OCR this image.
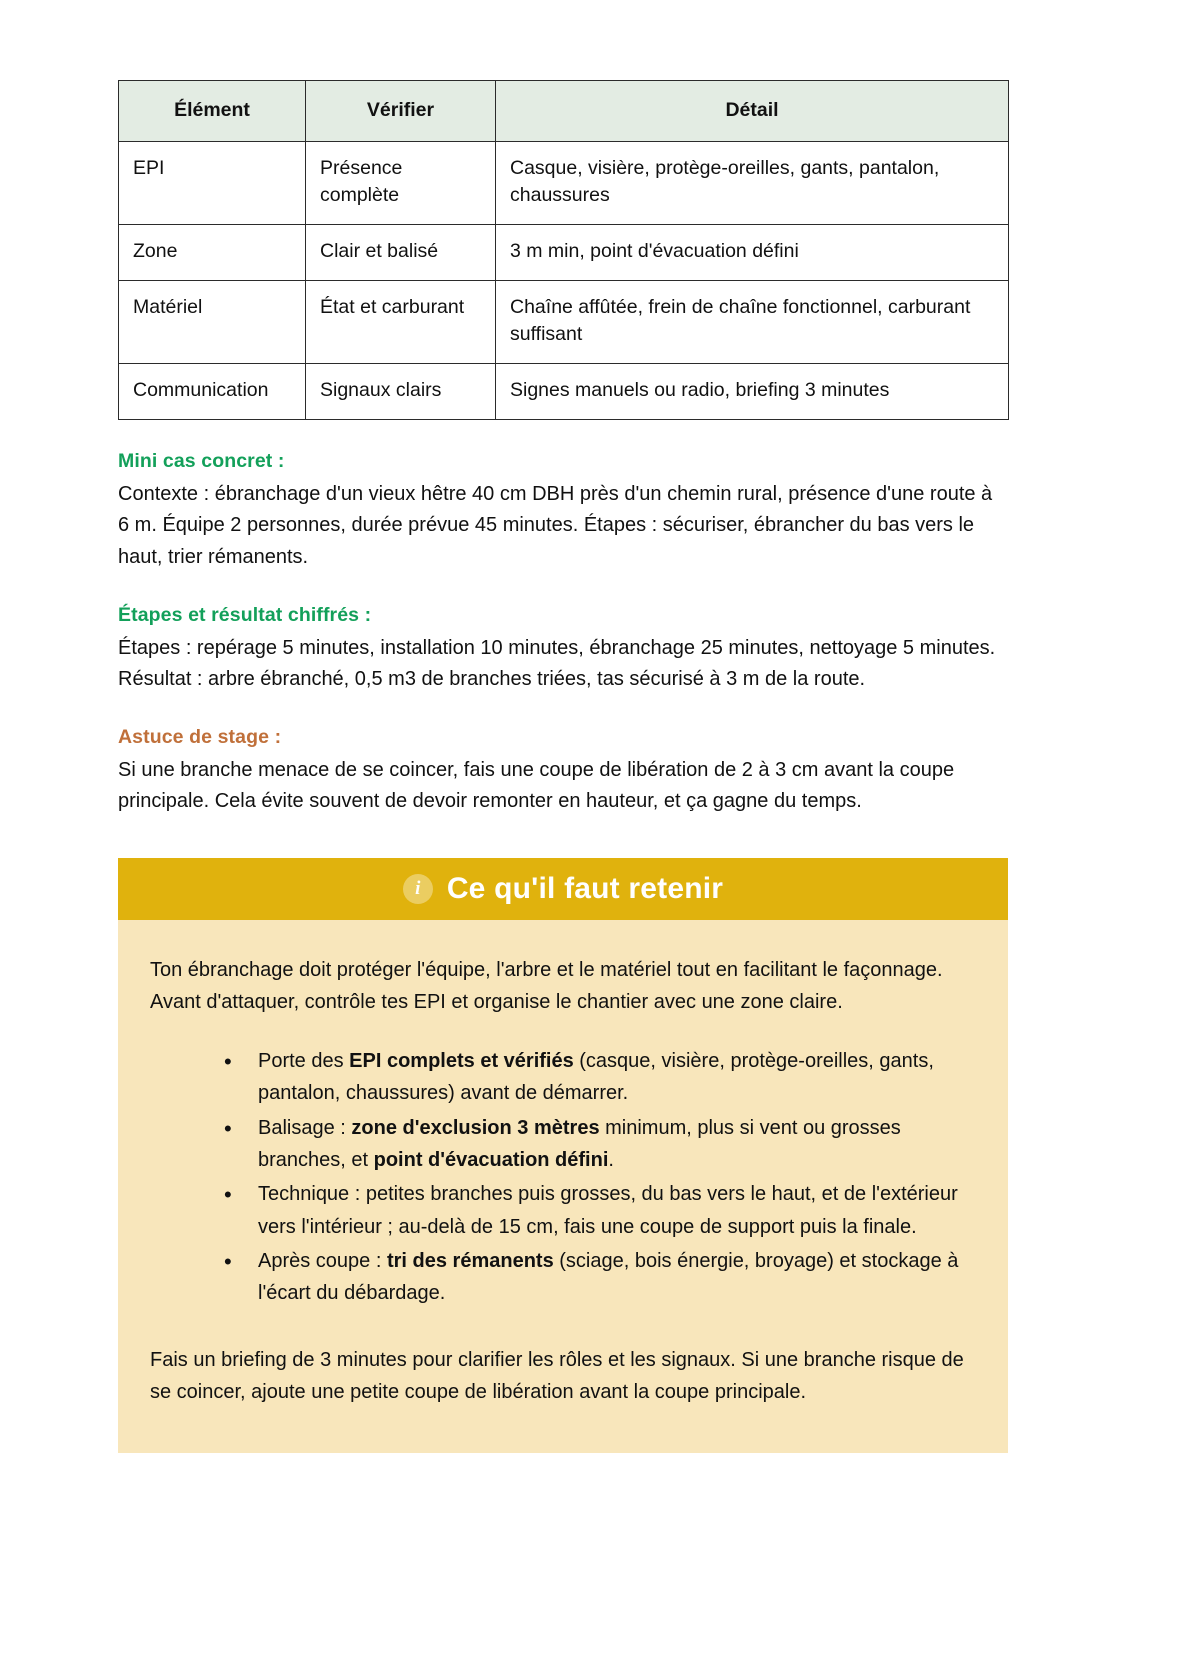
Élément	Vérifier	Détail
EPI	Présence complète	Casque, visière, protège-oreilles, gants, pantalon, chaussures
Zone	Clair et balisé	3 m min, point d'évacuation défini
Matériel	État et carburant	Chaîne affûtée, frein de chaîne fonctionnel, carburant suffisant
Communication	Signaux clairs	Signes manuels ou radio, briefing 3 minutes

Mini cas concret :

Contexte : ébranchage d'un vieux hêtre 40 cm DBH près d'un chemin rural, présence d'une route à 6 m. Équipe 2 personnes, durée prévue 45 minutes. Étapes : sécuriser, ébrancher du bas vers le haut, trier rémanents.

Étapes et résultat chiffrés :

Étapes : repérage 5 minutes, installation 10 minutes, ébranchage 25 minutes, nettoyage 5 minutes. Résultat : arbre ébranché, 0,5 m3 de branches triées, tas sécurisé à 3 m de la route.

Astuce de stage :

Si une branche menace de se coincer, fais une coupe de libération de 2 à 3 cm avant la coupe principale. Cela évite souvent de devoir remonter en hauteur, et ça gagne du temps.

i Ce qu'il faut retenir

Ton ébranchage doit protéger l'équipe, l'arbre et le matériel tout en facilitant le façonnage. Avant d'attaquer, contrôle tes EPI et organise le chantier avec une zone claire.

• Porte des EPI complets et vérifiés (casque, visière, protège-oreilles, gants, pantalon, chaussures) avant de démarrer.
• Balisage : zone d'exclusion 3 mètres minimum, plus si vent ou grosses branches, et point d'évacuation défini.
• Technique : petites branches puis grosses, du bas vers le haut, et de l'extérieur vers l'intérieur ; au-delà de 15 cm, fais une coupe de support puis la finale.
• Après coupe : tri des rémanents (sciage, bois énergie, broyage) et stockage à l'écart du débardage.

Fais un briefing de 3 minutes pour clarifier les rôles et les signaux. Si une branche risque de se coincer, ajoute une petite coupe de libération avant la coupe principale.
